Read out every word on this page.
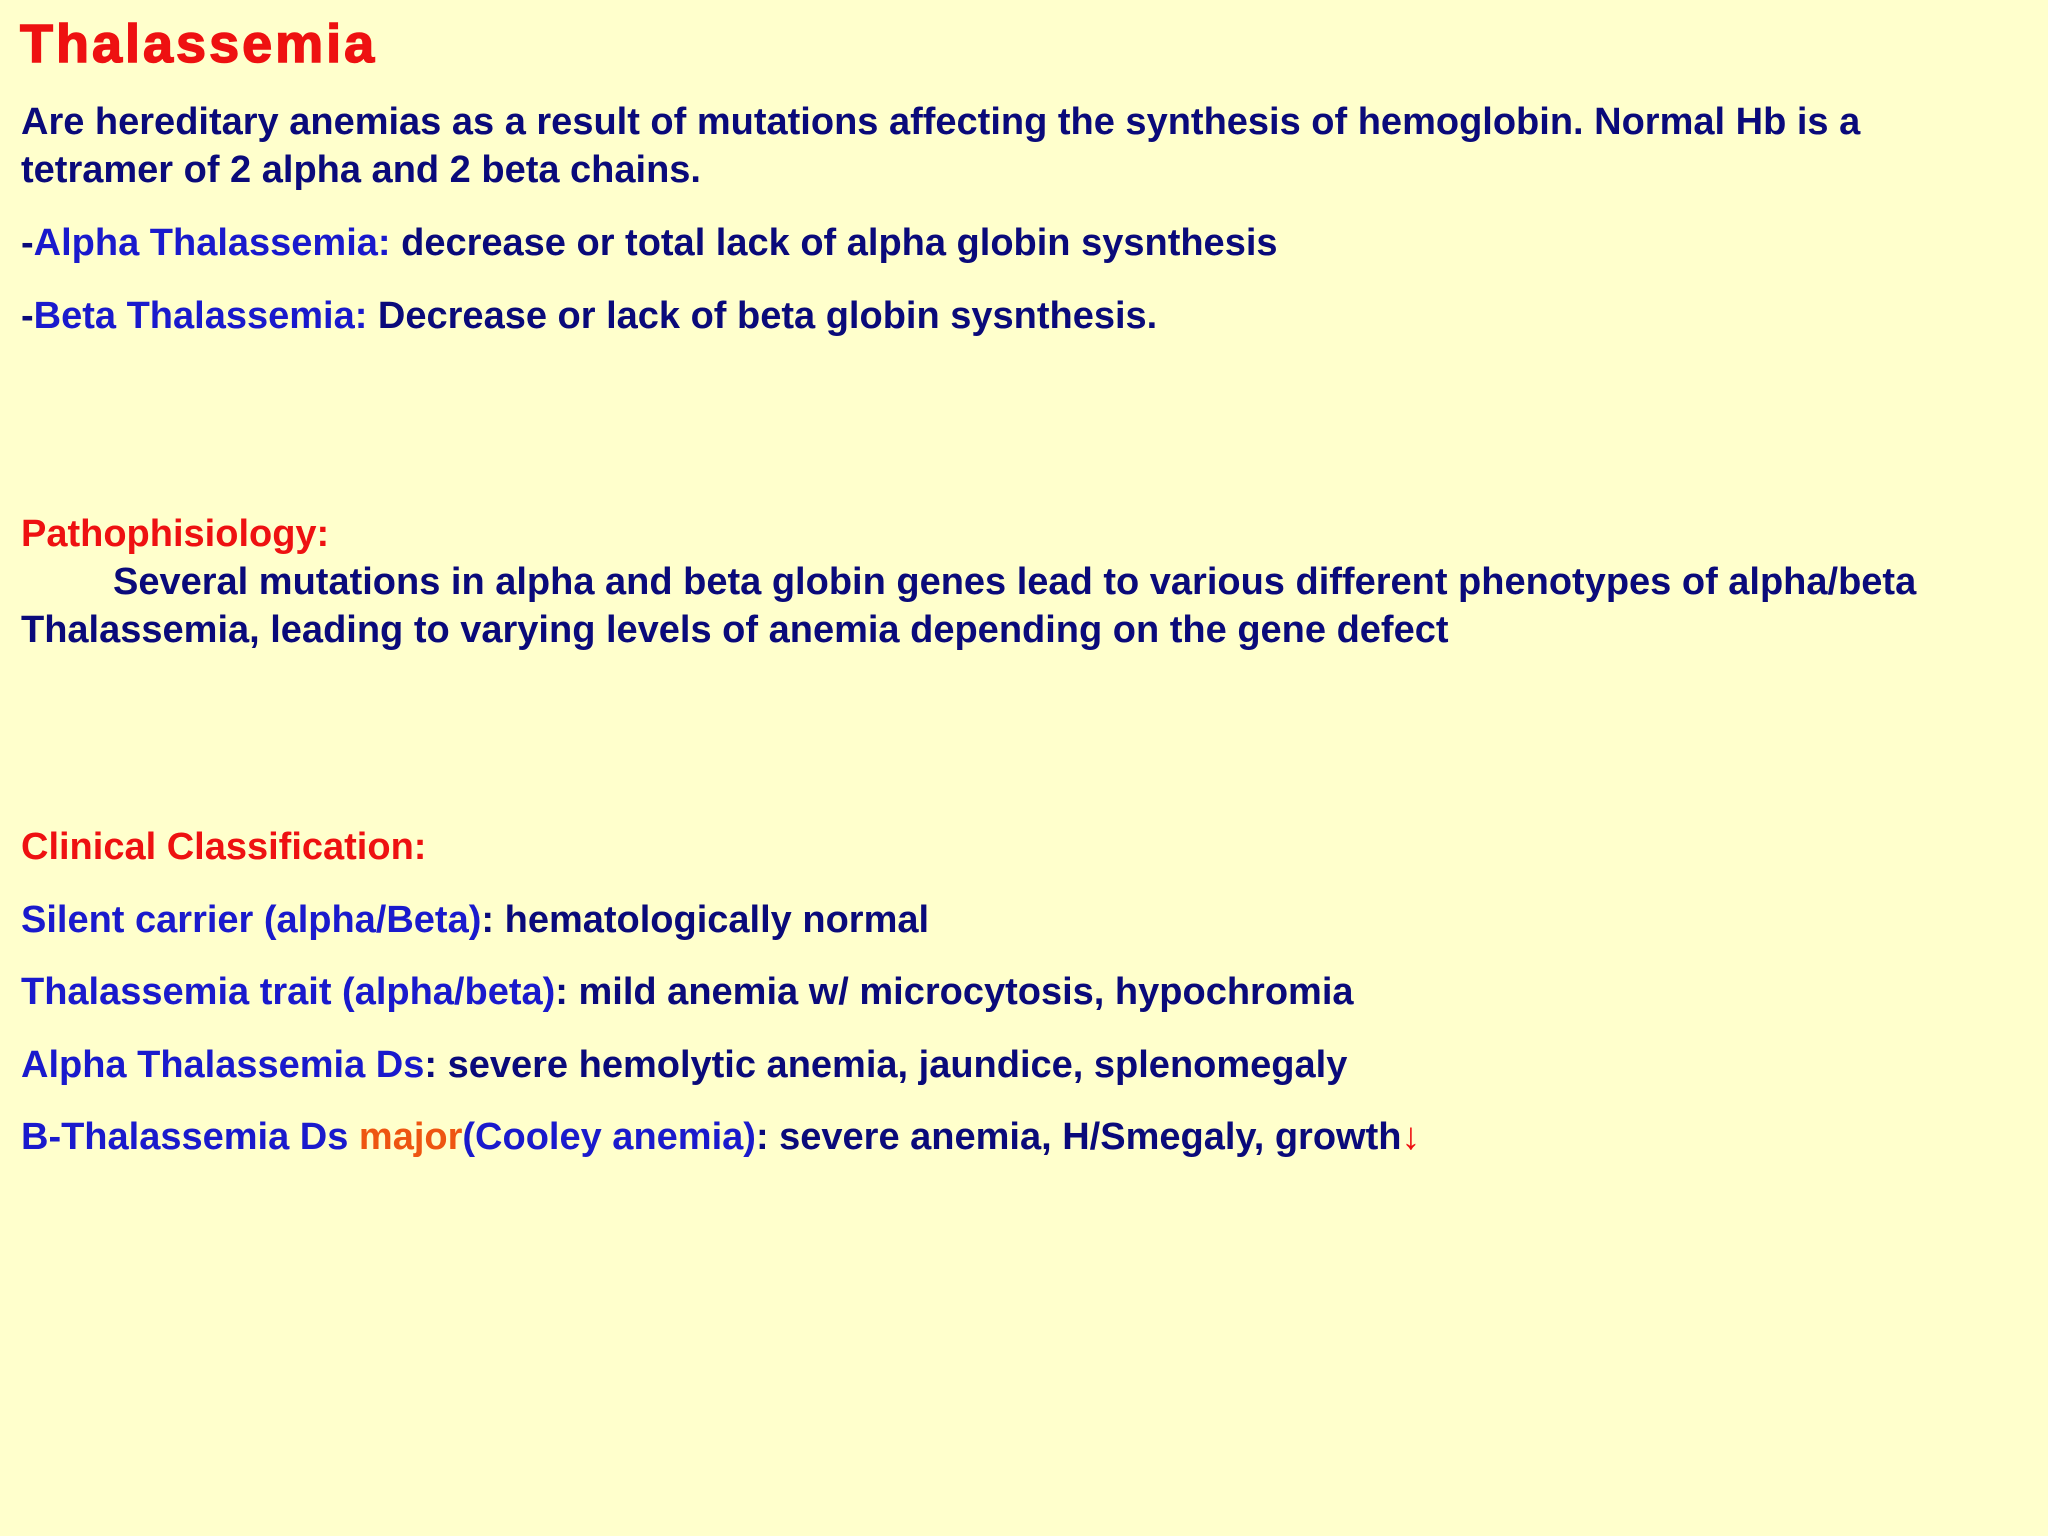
Thalassemia
Are hereditary anemias as a result of mutations affecting the synthesis of hemoglobin. Normal Hb is a
tetramer of 2 alpha and 2 beta chains.
-Alpha Thalassemia: decrease or total lack of alpha globin sysnthesis
-Beta Thalassemia: Decrease or lack of beta globin sysnthesis.
Pathophisiology:
Several mutations in alpha and beta globin genes lead to various different phenotypes of alpha/beta
Thalassemia, leading to varying levels of anemia depending on the gene defect
Clinical Classification:
Silent carrier (alpha/Beta): hematologically normal
Thalassemia trait (alpha/beta): mild anemia w/ microcytosis, hypochromia
Alpha Thalassemia Ds: severe hemolytic anemia, jaundice, splenomegaly
B-Thalassemia Ds major(Cooley anemia): severe anemia, H/Smegaly, growth↓
